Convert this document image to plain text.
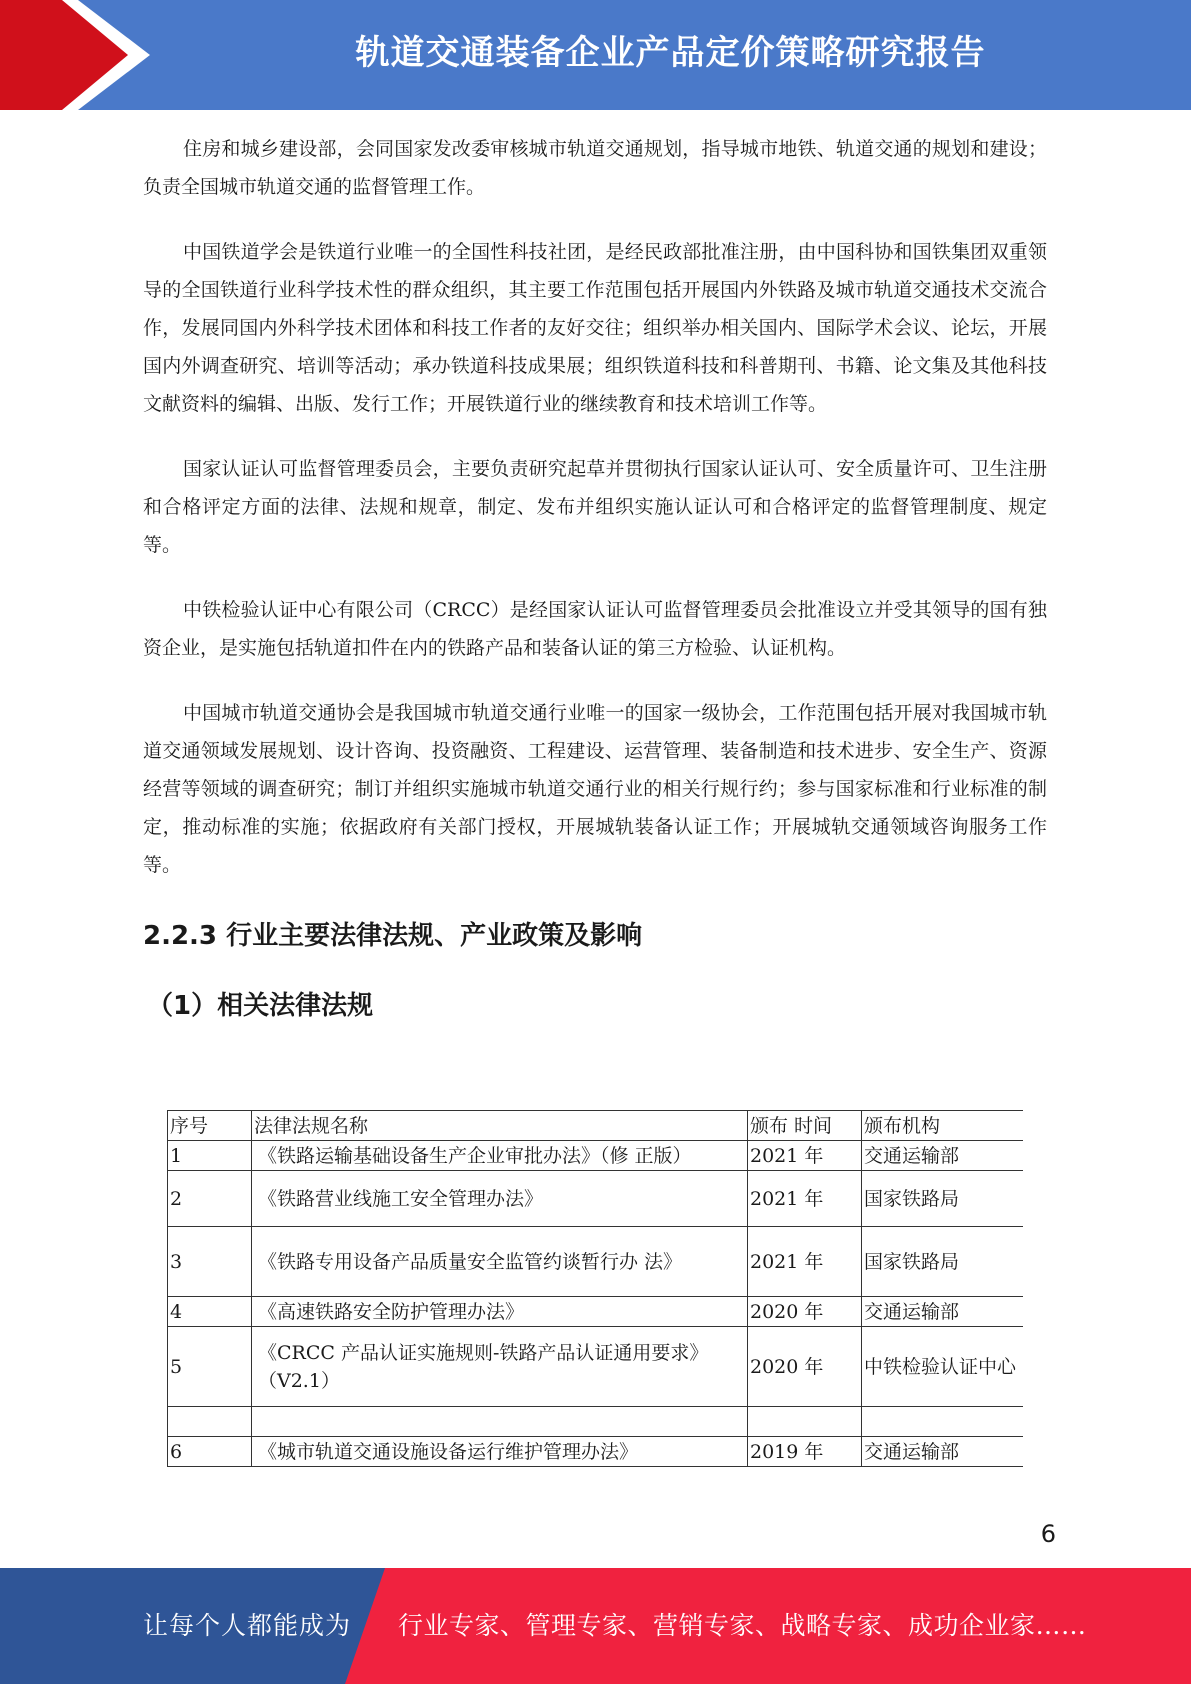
轨道交通装备企业产品定价策略研究报告

住房和城乡建设部，会同国家发改委审核城市轨道交通规划，指导城市地铁、轨道交通的规划和建设；负责全国城市轨道交通的监督管理工作。

中国铁道学会是铁道行业唯一的全国性科技社团，是经民政部批准注册，由中国科协和国铁集团双重领导的全国铁道行业科学技术性的群众组织，其主要工作范围包括开展国内外铁路及城市轨道交通技术交流合作，发展同国内外科学技术团体和科技工作者的友好交往；组织举办相关国内、国际学术会议、论坛，开展国内外调查研究、培训等活动；承办铁道科技成果展；组织铁道科技和科普期刊、书籍、论文集及其他科技文献资料的编辑、出版、发行工作；开展铁道行业的继续教育和技术培训工作等。

国家认证认可监督管理委员会，主要负责研究起草并贯彻执行国家认证认可、安全质量许可、卫生注册和合格评定方面的法律、法规和规章，制定、发布并组织实施认证认可和合格评定的监督管理制度、规定等。

中铁检验认证中心有限公司（CRCC）是经国家认证认可监督管理委员会批准设立并受其领导的国有独资企业，是实施包括轨道扣件在内的铁路产品和装备认证的第三方检验、认证机构。

中国城市轨道交通协会是我国城市轨道交通行业唯一的国家一级协会，工作范围包括开展对我国城市轨道交通领域发展规划、设计咨询、投资融资、工程建设、运营管理、装备制造和技术进步、安全生产、资源经营等领域的调查研究；制订并组织实施城市轨道交通行业的相关行规行约；参与国家标准和行业标准的制定，推动标准的实施；依据政府有关部门授权，开展城轨装备认证工作；开展城轨交通领域咨询服务工作等。

2.2.3 行业主要法律法规、产业政策及影响
（1）相关法律法规
序号	法律法规名称	颁布 时间	颁布机构
1	《铁路运输基础设备生产企业审批办法》（修 正版）	2021 年	交通运输部
2	《铁路营业线施工安全管理办法》	2021 年	国家铁路局
3	《铁路专用设备产品质量安全监管约谈暂行办 法》	2021 年	国家铁路局
4	《高速铁路安全防护管理办法》	2020 年	交通运输部
5	《CRCC 产品认证实施规则-铁路产品认证通用要求》（V2.1）	2020 年	中铁检验认证中心

6	《城市轨道交通设施设备运行维护管理办法》	2019 年	交通运输部
6
让每个人都能成为 行业专家、管理专家、营销专家、战略专家、成功企业家……
